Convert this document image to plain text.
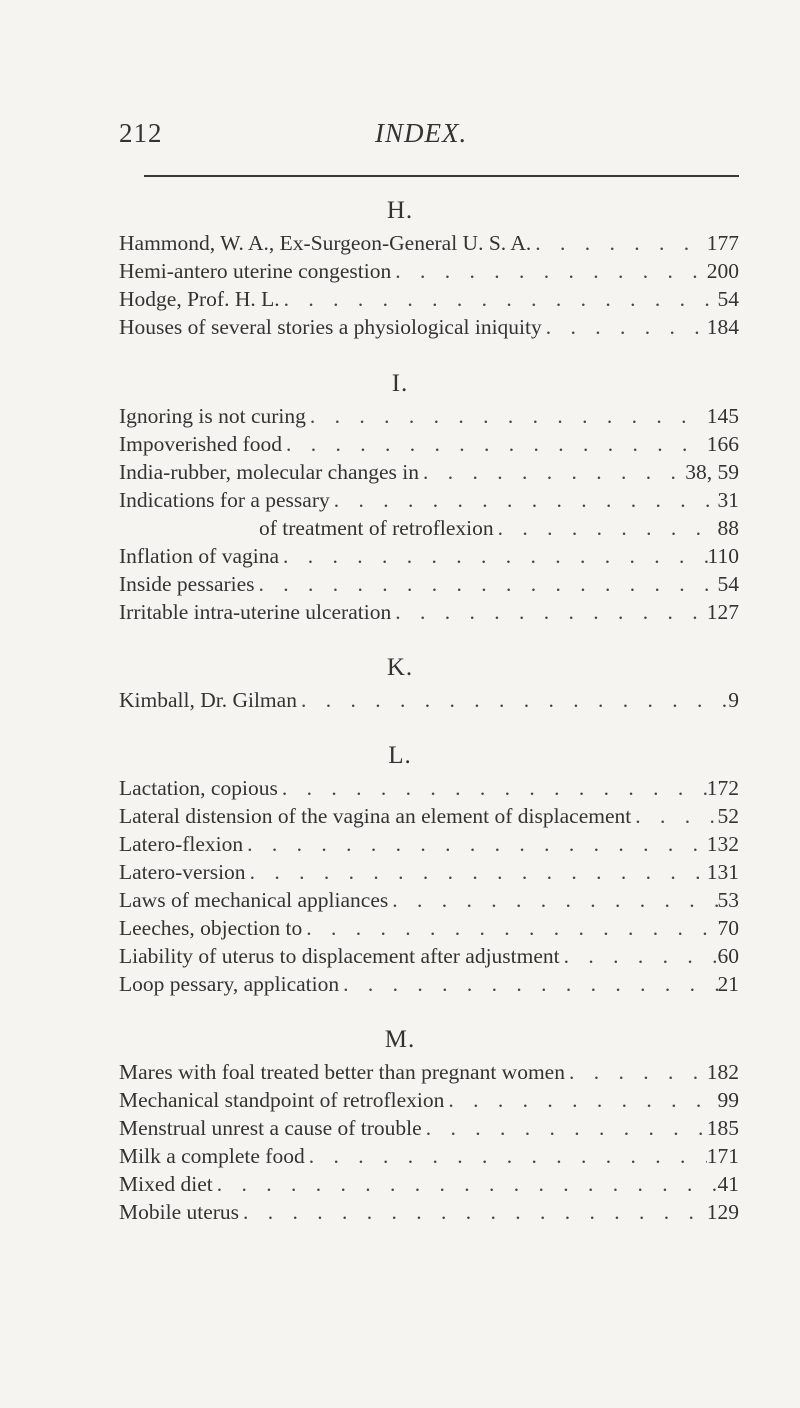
212	INDEX.
H.
Hammond, W. A., Ex-Surgeon-General U. S. A. . . .	177
Hemi-antero uterine congestion . . .	200
Hodge, Prof. H. L. . . .	54
Houses of several stories a physiological iniquity . . .	184
I.
Ignoring is not curing . . .	145
Impoverished food . . .	166
India-rubber, molecular changes in . . .	38, 59
Indications for a pessary . . .	31
of treatment of retroflexion . . .	88
Inflation of vagina . . .	110
Inside pessaries . . .	54
Irritable intra-uterine ulceration . . .	127
K.
Kimball, Dr. Gilman . . .	9
L.
Lactation, copious . . .	172
Lateral distension of the vagina an element of displacement . . .	52
Latero-flexion . . .	132
Latero-version . . .	131
Laws of mechanical appliances . . .	53
Leeches, objection to . . .	70
Liability of uterus to displacement after adjustment . . .	60
Loop pessary, application . . .	21
M.
Mares with foal treated better than pregnant women . . .	182
Mechanical standpoint of retroflexion . . .	99
Menstrual unrest a cause of trouble . . .	185
Milk a complete food . . .	171
Mixed diet . . .	41
Mobile uterus . . .	129
